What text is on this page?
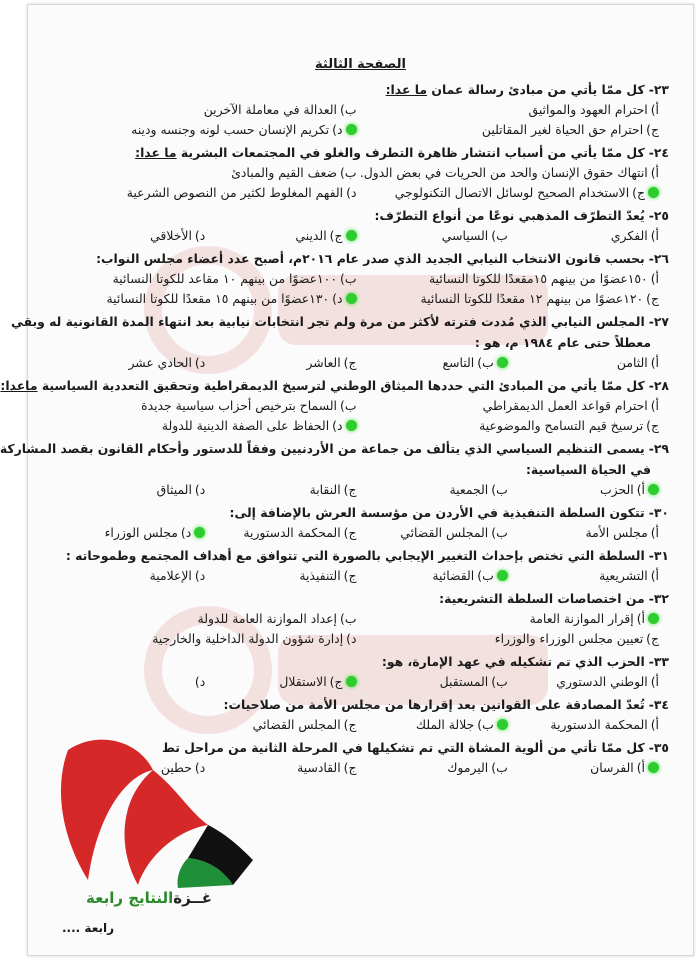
الصفحة الثالثة
٢٣-كل ممّا يأتي من مبادئ رسالة عمان ما عدا:
أ)احترام العهود والمواثيق
ب)العدالة في معاملة الآخرين
ج)احترام حق الحياة لغير المقاتلين
د)تكريم الإنسان حسب لونه وجنسه ودينه
٢٤-كل ممّا يأتي من أسباب انتشار ظاهرة التطرف والغلو في المجتمعات البشرية ما عدا:
أ)انتهاك حقوق الإنسان والحد من الحريات في بعض الدول.
ب)ضعف القيم والمبادئ
ج)الاستخدام الصحيح لوسائل الاتصال التكنولوجي
د)الفهم المغلوط لكثير من النصوص الشرعية
٢٥-يُعدّ التطرّف المذهبي نوعًا من أنواع التطرّف:
أ)الفكري
ب)السياسي
ج)الديني
د)الأخلاقي
٢٦-بحسب قانون الانتخاب النيابي الجديد الذي صدر عام ٢٠١٦م، أصبح عدد أعضاء مجلس النواب:
أ)١٥٠عضوًا من بينهم ١٥مقعدًا للكوتا النسائية
ب)١٠٠عضوًا من بينهم ١٠ مقاعد للكوتا النسائية
ج)١٢٠عضوًا من بينهم ١٢ مقعدًا للكوتا النسائية
د)١٣٠عضوًا من بينهم ١٥ مقعدًا للكوتا النسائية
٢٧-المجلس النيابي الذي مُددت فترته لأكثر من مرة ولم تجر انتخابات نيابية بعد انتهاء المدة القانونية له وبقي
معطلاً حتى عام ١٩٨٤ م، هو :
أ)الثامن
ب)التاسع
ج)العاشر
د)الحادي عشر
٢٨-كل ممّا يأتي من المبادئ التي حددها الميثاق الوطني لترسيخ الديمقراطية وتحقيق التعددية السياسية ماعدا:
أ)احترام قواعد العمل الديمقراطي
ب)السماح بترخيص أحزاب سياسية جديدة
ج)ترسيخ قيم التسامح والموضوعية
د)الحفاظ على الصفة الدينية للدولة
٢٩-يسمى التنظيم السياسي الذي يتألف من جماعة من الأردنيين وفقاً للدستور وأحكام القانون بقصد المشاركة
في الحياة السياسية:
أ)الحزب
ب)الجمعية
ج)النقابة
د)الميثاق
٣٠-تتكون السلطة التنفيذية في الأردن من مؤسسة العرش بالإضافة إلى:
أ)مجلس الأمة
ب)المجلس القضائي
ج)المحكمة الدستورية
د)مجلس الوزراء
٣١-السلطة التي تختص بإحداث التغيير الإيجابي بالصورة التي تتوافق مع أهداف المجتمع وطموحاته :
أ)التشريعية
ب)القضائية
ج)التنفيذية
د)الإعلامية
٣٢-من اختصاصات السلطة التشريعية:
أ)إقرار الموازنة العامة
ب)إعداد الموازنة العامة للدولة
ج)تعيين مجلس الوزراء والوزراء
د)إدارة شؤون الدولة الداخلية والخارجية
٣٣-الحزب الذي تم تشكيله في عهد الإمارة، هو:
أ)الوطني الدستوري
ب)المستقبل
ج)الاستقلال
د)
٣٤-تُعدّ المصادقة على القوانين بعد إقرارها من مجلس الأمة من صلاحيات:
أ)المحكمة الدستورية
ب)جلالة الملك
ج)المجلس القضائي
٣٥-كل ممّا تأتي من ألوية المشاة التي تم تشكيلها في المرحلة الثانية من مراحل تط
أ)الفرسان
ب)اليرموك
ج)القادسية
د)حطين
غــزةالنتايج رابعة
رابعة ....
